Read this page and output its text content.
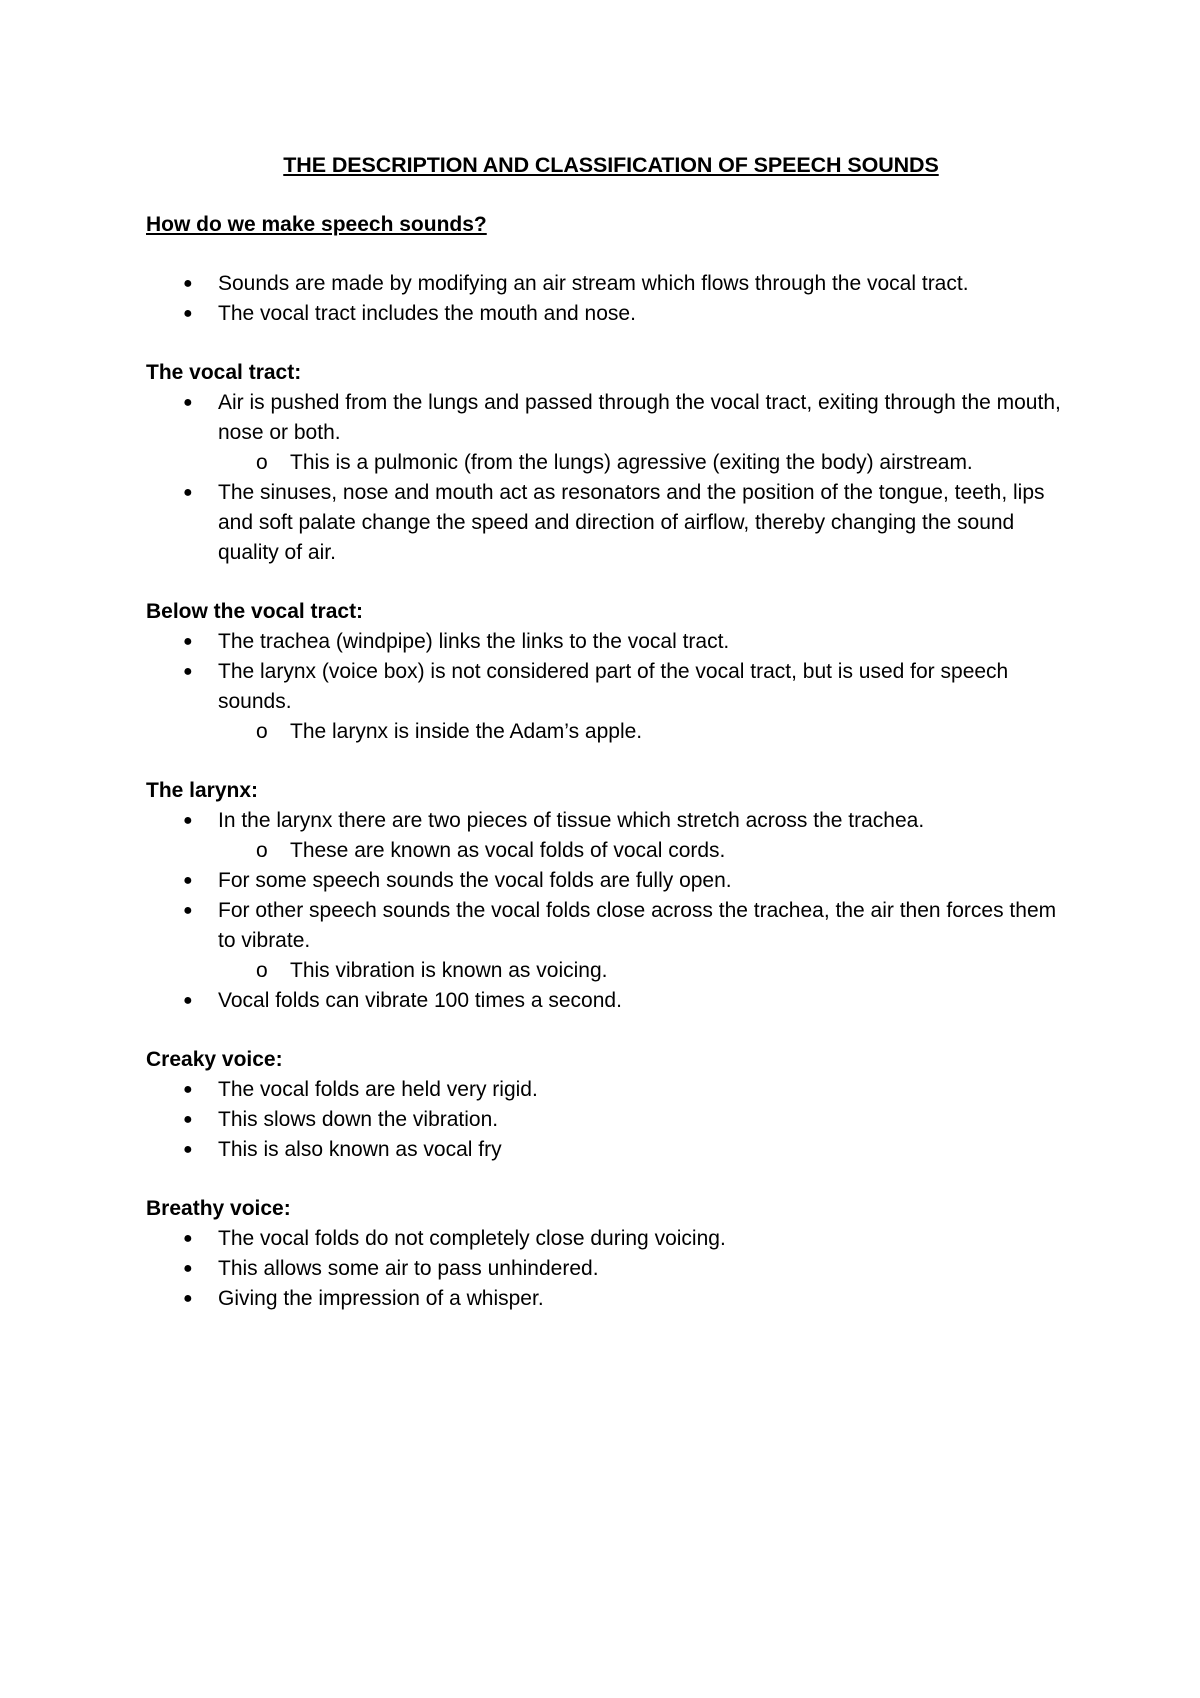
THE DESCRIPTION AND CLASSIFICATION OF SPEECH SOUNDS
How do we make speech sounds?
● Sounds are made by modifying an air stream which flows through the vocal tract.
● The vocal tract includes the mouth and nose.
The vocal tract:
● Air is pushed from the lungs and passed through the vocal tract, exiting through the mouth, nose or both.
o This is a pulmonic (from the lungs) agressive (exiting the body) airstream.
● The sinuses, nose and mouth act as resonators and the position of the tongue, teeth, lips and soft palate change the speed and direction of airflow, thereby changing the sound quality of air.
Below the vocal tract:
● The trachea (windpipe) links the links to the vocal tract.
● The larynx (voice box) is not considered part of the vocal tract, but is used for speech sounds.
o The larynx is inside the Adam’s apple.
The larynx:
● In the larynx there are two pieces of tissue which stretch across the trachea.
o These are known as vocal folds of vocal cords.
● For some speech sounds the vocal folds are fully open.
● For other speech sounds the vocal folds close across the trachea, the air then forces them to vibrate.
o This vibration is known as voicing.
● Vocal folds can vibrate 100 times a second.
Creaky voice:
● The vocal folds are held very rigid.
● This slows down the vibration.
● This is also known as vocal fry
Breathy voice:
● The vocal folds do not completely close during voicing.
● This allows some air to pass unhindered.
● Giving the impression of a whisper.
